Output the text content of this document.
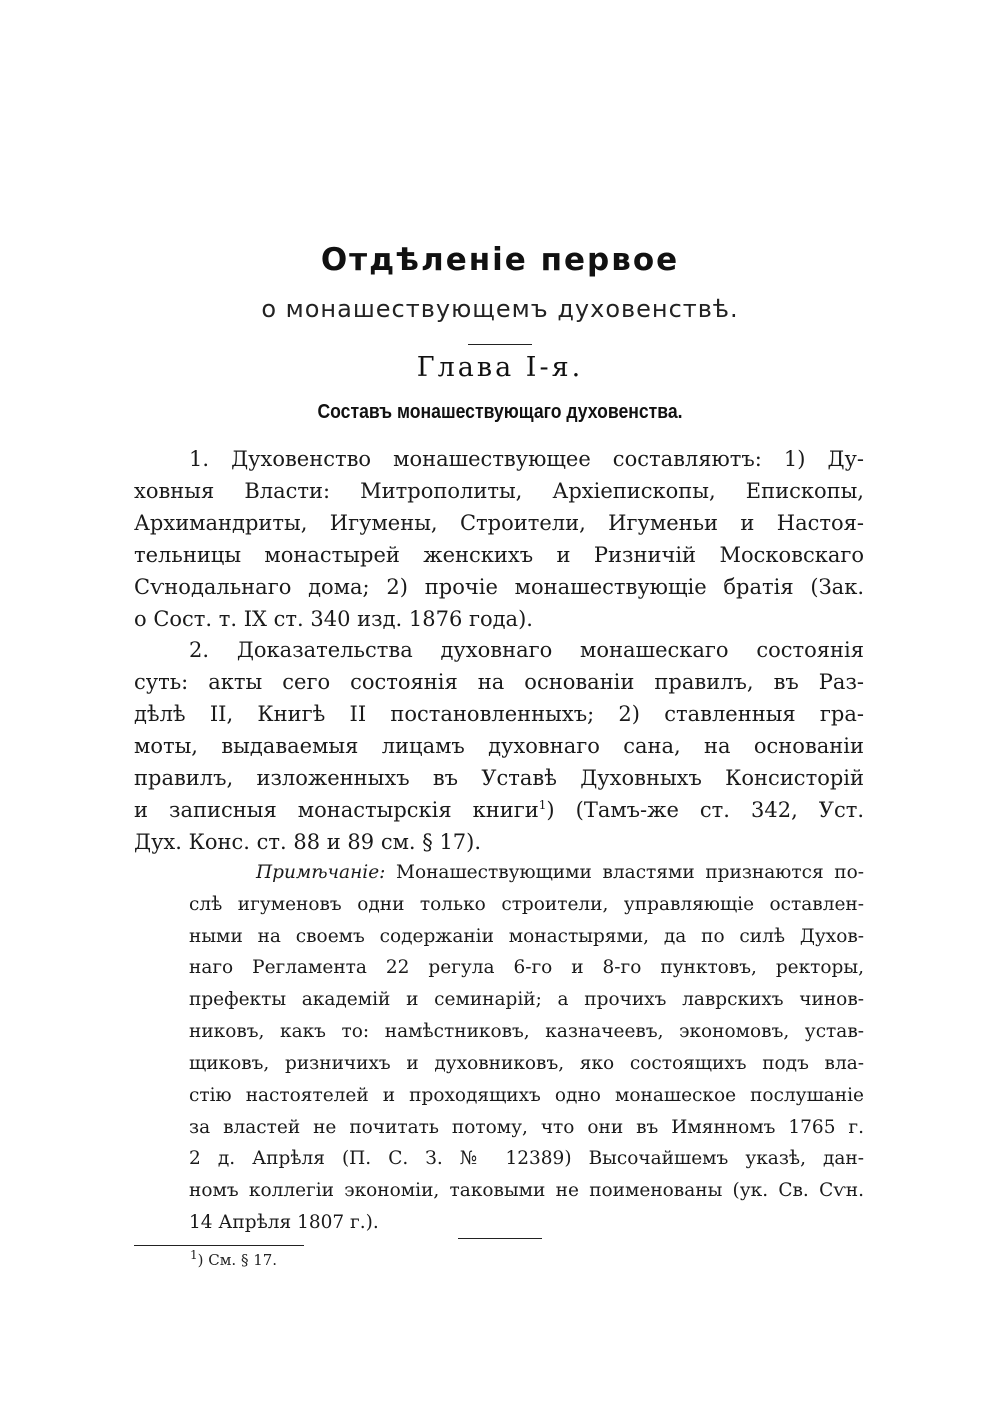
Отдѣленіе первое
о монашествующемъ духовенствѣ.
Глава I-я.
Составъ монашествующаго духовенства.
1. Духовенство монашествующее составляютъ: 1) Ду-
ховныя Власти: Митрополиты, Архіепископы, Епископы,
Архимандриты, Игумены, Строители, Игуменьи и Настоя-
тельницы монастырей женскихъ и Ризничій Московскаго
Сѵнодальнаго дома; 2) прочіе монашествующіе братія (Зак.
о Сост. т. IX ст. 340 изд. 1876 года).
2. Доказательства духовнаго монашескаго состоянія
суть: акты сего состоянія на основаніи правилъ, въ Раз-
дѣлѣ II, Книгѣ II постановленныхъ; 2) ставленныя гра-
моты, выдаваемыя лицамъ духовнаго сана, на основаніи
правилъ, изложенныхъ въ Уставѣ Духовныхъ Консисторій
и записныя монастырскія книги$^1$) (Тамъ-же ст. 342, Уст.
Дух. Конс. ст. 88 и 89 см. § 17).
Примѣчаніе: Монашествующими властями признаются по-
слѣ игуменовъ одни только строители, управляющіе оставлен-
ными на своемъ содержаніи монастырями, да по силѣ Духов-
наго Регламента 22 регула 6-го и 8-го пунктовъ, ректоры,
префекты академій и семинарій; а прочихъ лаврскихъ чинов-
никовъ, какъ то: намѣстниковъ, казначеевъ, экономовъ, устав-
щиковъ, ризничихъ и духовниковъ, яко состоящихъ подъ вла-
стію настоятелей и проходящихъ одно монашеское послушаніе
за властей не почитать потому, что они въ Имянномъ 1765 г.
2 д. Апрѣля (П. С. З. № 12389) Высочайшемъ указѣ, дан-
номъ коллегіи экономіи, таковыми не поименованы (ук. Св. Сѵн.
14 Апрѣля 1807 г.).
$^1$) См. § 17.
